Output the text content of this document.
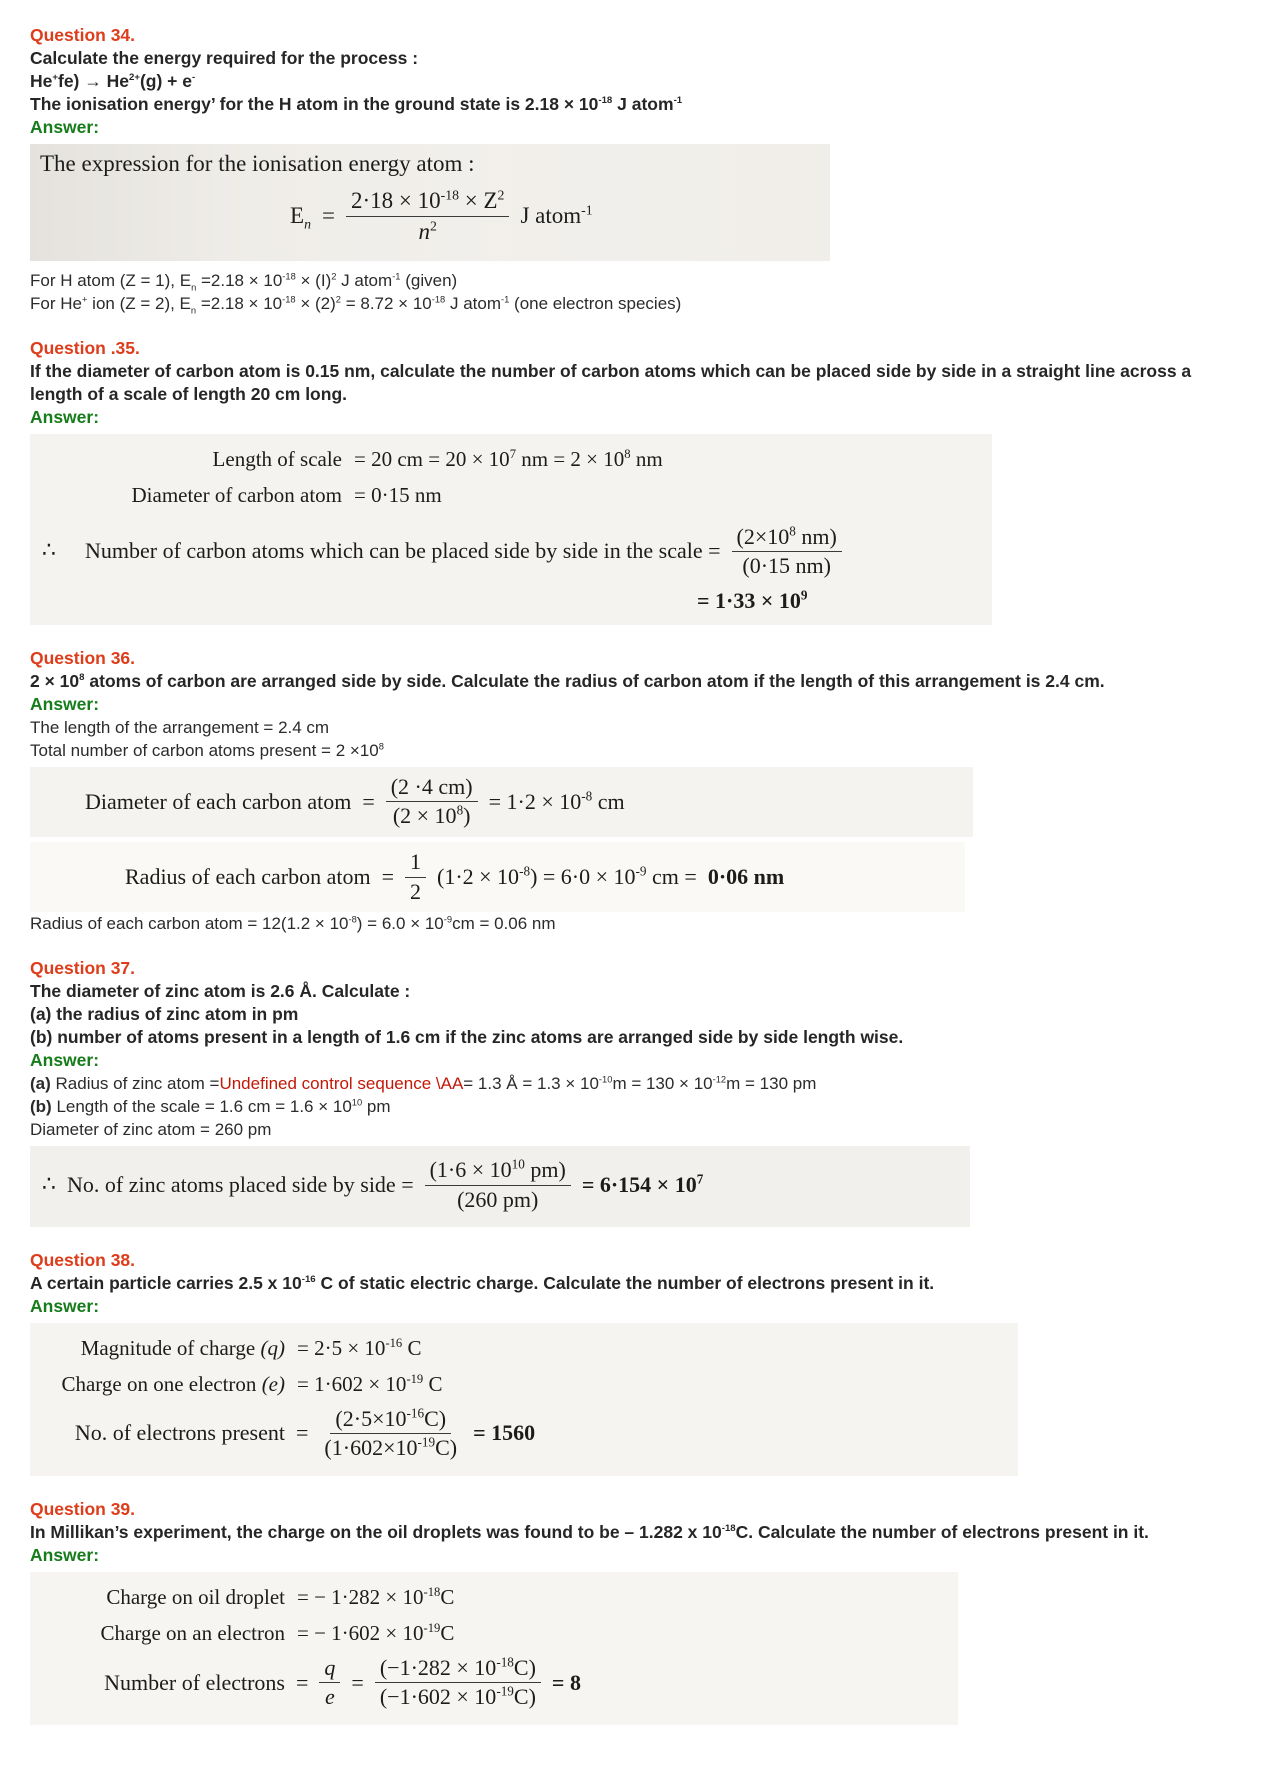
Question 34.
Calculate the energy required for the process :
$He^+fe) \to He^{2+}(g) + e^-$
The ionisation energy’ for the H atom in the ground state is $2.18 \times 10^{-18}$ J atom$^{-1}$
Answer:
The expression for the ionisation energy atom :
$E_n = \frac{2\cdot 18 \times 10^{-18} \times Z^2}{n^2}$ J atom$^{-1}$
For H atom (Z = 1), $E_n =2.18 \times 10^{-18} \times (I)^2$ J atom$^{-1}$ (given)
For He+ ion (Z = 2), $E_n =2.18 \times 10^{-18} \times (2)^2 = 8.72 \times 10^{-18}$ J atom$^{-1}$ (one electron species)
Question .35.
If the diameter of carbon atom is 0.15 nm, calculate the number of carbon atoms which can be placed side by side in a straight line across a length of a scale of length 20 cm long.
Answer:
Length of scale = 20 cm = $20 \times 10^7$ nm = $2 \times 10^8$ nm
Diameter of carbon atom = 0·15 nm
∴ Number of carbon atoms which can be placed side by side in the scale = $\frac{(2\times 10^8 nm)}{(0\cdot 15 nm)}$
= $1\cdot 33 \times 10^9$
Question 36.
$2 \times 10^8$ atoms of carbon are arranged side by side. Calculate the radius of carbon atom if the length of this arrangement is 2.4 cm.
Answer:
The length of the arrangement = 2.4 cm
Total number of carbon atoms present = $2 \times 10^8$
Diameter of each carbon atom = $\frac{(2 \cdot 4 cm)}{(2 \times 10^8)} = 1\cdot 2 \times 10^{-8}$ cm
Radius of each carbon atom = $\frac{1}{2} (1\cdot 2 \times 10^{-8}) = 6\cdot 0 \times 10^{-9}$ cm = 0·06 nm
Radius of each carbon atom = $12(1.2 \times 10^{-8}) = 6.0 \times 10^{-9}cm = 0.06$ nm
Question 37.
The diameter of zinc atom is 2.6 Å. Calculate :
(a) the radius of zinc atom in pm
(b) number of atoms present in a length of 1.6 cm if the zinc atoms are arranged side by side length wise.
Answer:
(a) Radius of zinc atom =Undefined control sequence \AA= 1.3 Å = $1.3 \times 10^{-10}m = 130 \times 10^{-12}m = 130$ pm
(b) Length of the scale = 1.6 cm = $1.6 \times 10^{10}$ pm
Diameter of zinc atom = 260 pm
∴ No. of zinc atoms placed side by side = $\frac{(1\cdot 6 \times 10^{10} pm)}{(260 pm)} = 6\cdot 154 \times 10^7$
Question 38.
A certain particle carries 2.5 x $10^{-16}$ C of static electric charge. Calculate the number of electrons present in it.
Answer:
Magnitude of charge $(q) = 2\cdot 5 \times 10^{-16}$ C
Charge on one electron $(e) = 1\cdot 602 \times 10^{-19}$ C
No. of electrons present = $\frac{(2\cdot 5\times 10^{-16}C)}{(1\cdot 602\times 10^{-19}C)} = 1560$
Question 39.
In Millikan’s experiment, the charge on the oil droplets was found to be – 1.282 x $10^{-18}C$. Calculate the number of electrons present in it.
Answer:
Charge on oil droplet = − $1\cdot 282 \times 10^{-18}C$
Charge on an electron = − $1\cdot 602 \times 10^{-19}C$
Number of electrons = $\frac{q}{e} = \frac{(-1\cdot 282 \times 10^{-18}C)}{(-1\cdot 602 \times 10^{-19}C)} = 8$
